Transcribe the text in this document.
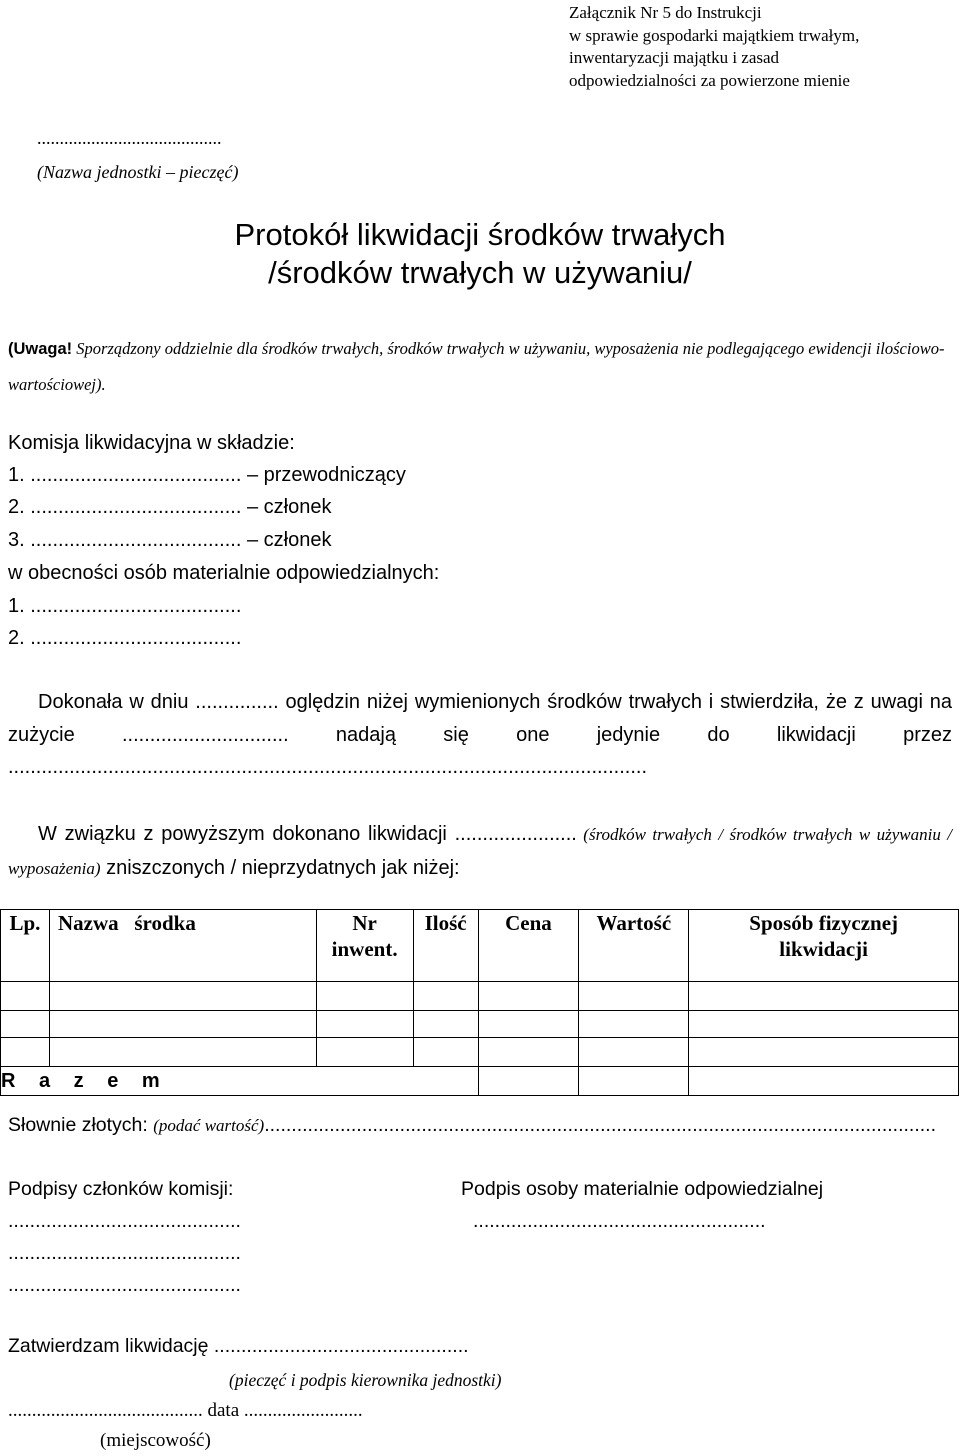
Załącznik Nr 5 do Instrukcji
w sprawie gospodarki majątkiem trwałym,
inwentaryzacji majątku i zasad
odpowiedzialności za powierzone mienie
.........................................
(Nazwa jednostki – pieczęć)
Protokół likwidacji środków trwałych
/środków trwałych w używaniu/
(Uwaga! Sporządzony oddzielnie dla środków trwałych, środków trwałych w używaniu, wyposażenia nie podlegającego ewidencji ilościowo-wartościowej).
Komisja likwidacyjna w składzie:
1. ...................................... – przewodniczący
2. ...................................... – członek
3. ...................................... – członek
w obecności osób materialnie odpowiedzialnych:
1. ......................................
2. ......................................
Dokonała w dniu ............... oględzin niżej wymienionych środków trwałych i stwierdziła, że z uwagi na zużycie .............................. nadają się one jedynie do likwidacji przez ...................................................................................................................
W związku z powyższym dokonano likwidacji ...................... (środków trwałych / środków trwałych w używaniu / wyposażenia) zniszczonych / nieprzydatnych jak niżej:
Lp.	Nazwa   środka	Nr inwent.	Ilość	Cena	Wartość	Sposób fizycznej likwidacji

R a z e m						
Słownie złotych: (podać wartość)............................................................................................................................
Podpisy członków komisji:
...........................................
...........................................
...........................................
Podpis osoby materialnie odpowiedzialnej
......................................................
Zatwierdzam likwidację ...............................................
(pieczęć i podpis kierownika jednostki)
......................................... data .........................
(miejscowość)
